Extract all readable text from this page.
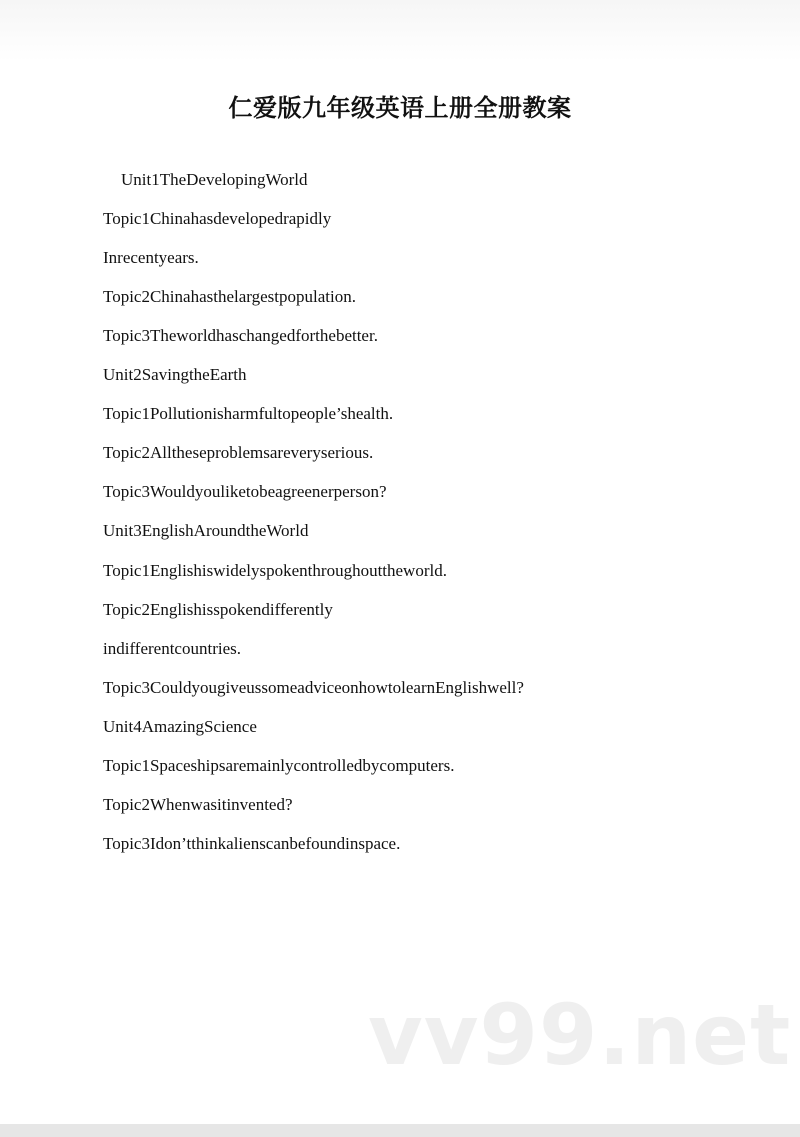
仁爱版九年级英语上册全册教案
Unit1TheDevelopingWorld
Topic1Chinahasdevelopedrapidly
Inrecentyears.
Topic2Chinahasthelargestpopulation.
Topic3Theworldhaschangedforthebetter.
Unit2SavingtheEarth
Topic1Pollutionisharmfultopeople’shealth.
Topic2Alltheseproblemsareveryserious.
Topic3Wouldyouliketobeagreenerperson?
Unit3EnglishAroundtheWorld
Topic1Englishiswidelyspokenthroughouttheworld.
Topic2Englishisspokendifferently
indifferentcountries.
Topic3CouldyougiveussomeadviceonhowtolearnEnglishwell?
Unit4AmazingScience
Topic1Spaceshipsaremainlycontrolledbycomputers.
Topic2Whenwasitinvented?
Topic3Idon’tthinkalienscanbefoundinspace.
vv99.net
